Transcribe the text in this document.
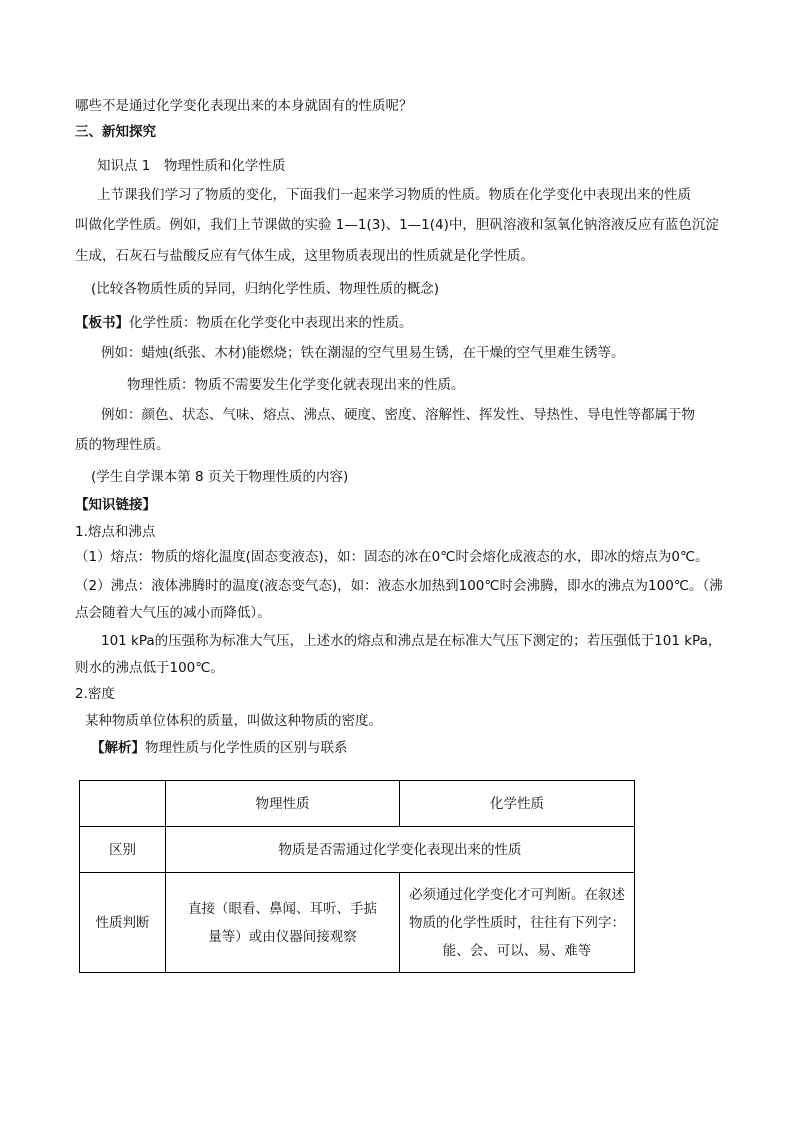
哪些不是通过化学变化表现出来的本身就固有的性质呢？
三、新知探究
知识点 1　物理性质和化学性质
上节课我们学习了物质的变化，下面我们一起来学习物质的性质。物质在化学变化中表现出来的性质
叫做化学性质。例如，我们上节课做的实验 1—1(3)、1—1(4)中，胆矾溶液和氢氧化钠溶液反应有蓝色沉淀
生成，石灰石与盐酸反应有气体生成，这里物质表现出的性质就是化学性质。
(比较各物质性质的异同，归纳化学性质、物理性质的概念)
【板书】化学性质：物质在化学变化中表现出来的性质。
例如：蜡烛(纸张、木材)能燃烧；铁在潮湿的空气里易生锈，在干燥的空气里难生锈等。
物理性质：物质不需要发生化学变化就表现出来的性质。
例如：颜色、状态、气味、熔点、沸点、硬度、密度、溶解性、挥发性、导热性、导电性等都属于物
质的物理性质。
(学生自学课本第 8 页关于物理性质的内容)
【知识链接】
1.熔点和沸点
（1）熔点：物质的熔化温度(固态变液态)，如：固态的冰在0℃时会熔化成液态的水，即冰的熔点为0℃。
（2）沸点：液体沸腾时的温度(液态变气态)，如：液态水加热到100℃时会沸腾，即水的沸点为100℃。（沸
点会随着大气压的减小而降低）。
101 kPa的压强称为标准大气压，上述水的熔点和沸点是在标准大气压下测定的；若压强低于101 kPa，
则水的沸点低于100℃。
2.密度
某种物质单位体积的质量，叫做这种物质的密度。
【解析】物理性质与化学性质的区别与联系
	物理性质	化学性质
区别	物质是否需通过化学变化表现出来的性质	
性质判断	直接（眼看、鼻闻、耳听、手掂量等）或由仪器间接观察	必须通过化学变化才可判断。在叙述物质的化学性质时，往往有下列字：能、会、可以、易、难等
